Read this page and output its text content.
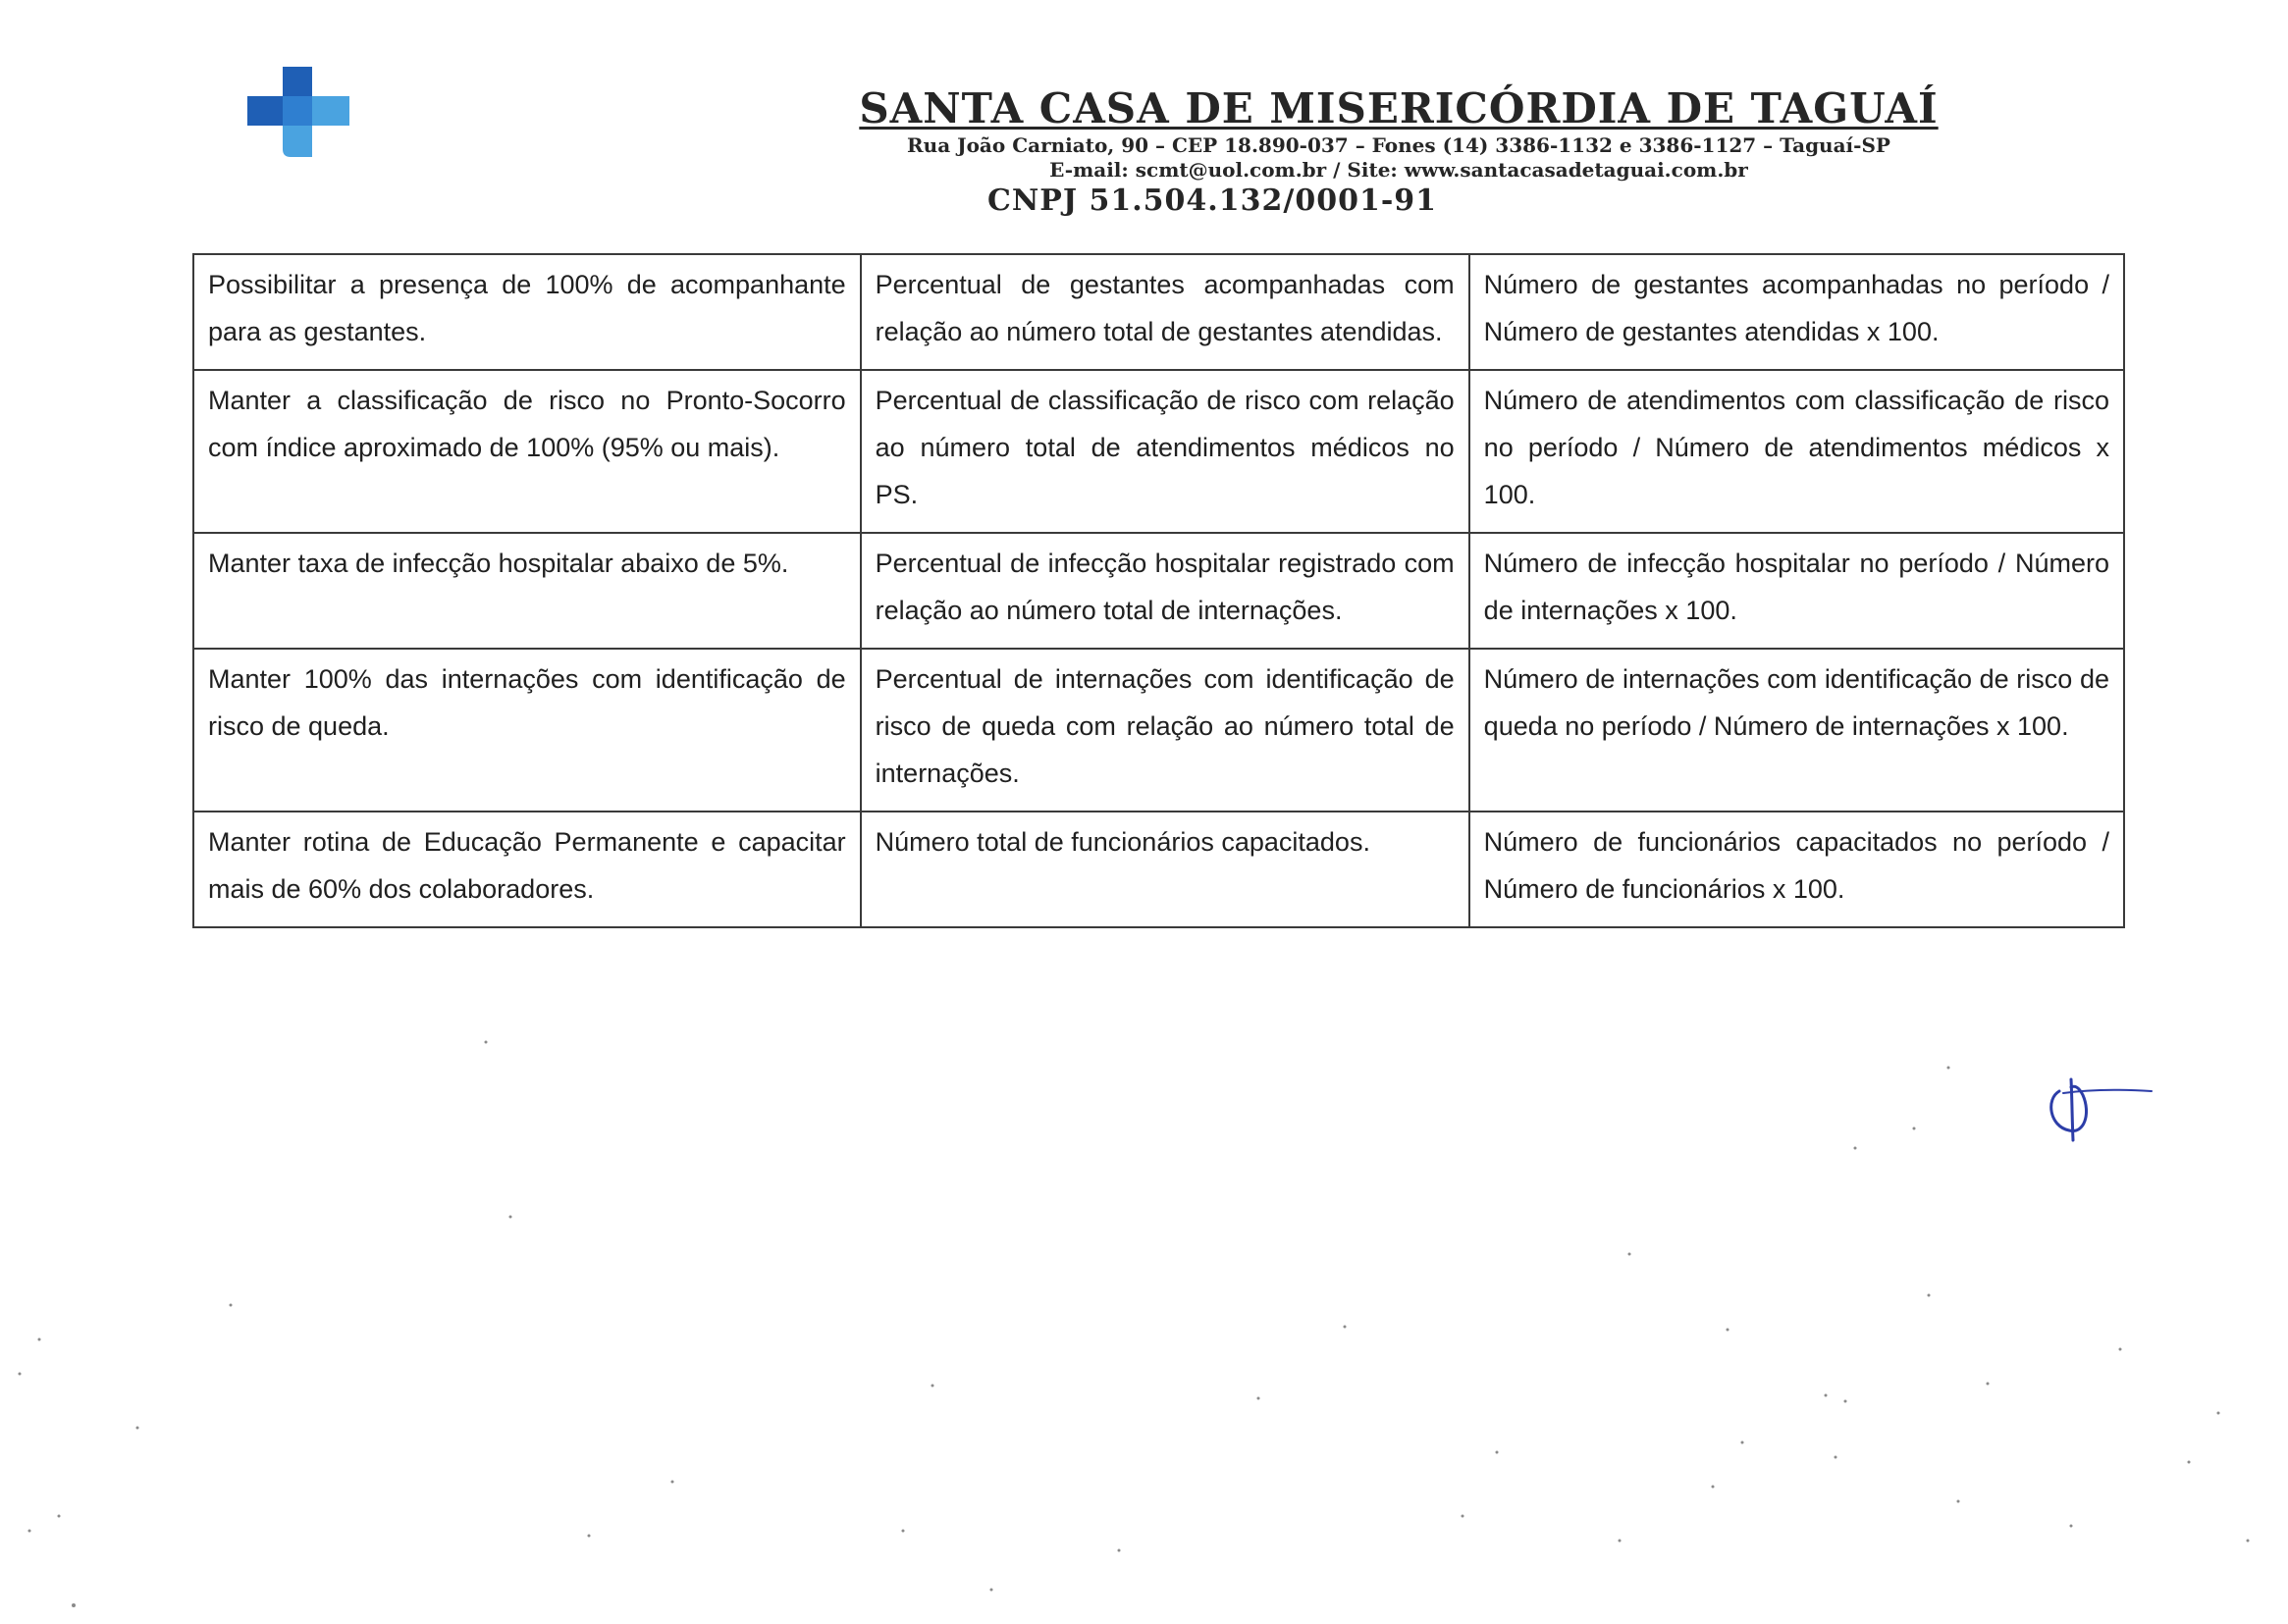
SANTA CASA DE MISERICÓRDIA DE TAGUAÍ
Rua João Carniato, 90 – CEP 18.890-037 – Fones (14) 3386-1132 e 3386-1127 – Taguaí-SP
E-mail: scmt@uol.com.br / Site: www.santacasadetaguai.com.br
CNPJ 51.504.132/0001-91
Possibilitar a presença de 100% de acompanhante para as gestantes.	Percentual de gestantes acompanhadas com relação ao número total de gestantes atendidas.	Número de gestantes acompanhadas no período / Número de gestantes atendidas x 100.
Manter a classificação de risco no Pronto-Socorro com índice aproximado de 100% (95% ou mais).	Percentual de classificação de risco com relação ao número total de atendimentos médicos no PS.	Número de atendimentos com classificação de risco no período / Número de atendimentos médicos x 100.
Manter taxa de infecção hospitalar abaixo de 5%.	Percentual de infecção hospitalar registrado com relação ao número total de internações.	Número de infecção hospitalar no período / Número de internações x 100.
Manter 100% das internações com identificação de risco de queda.	Percentual de internações com identificação de risco de queda com relação ao número total de internações.	Número de internações com identificação de risco de queda no período / Número de internações x 100.
Manter rotina de Educação Permanente e capacitar mais de 60% dos colaboradores.	Número total de funcionários capacitados.	Número de funcionários capacitados no período / Número de funcionários x 100.
